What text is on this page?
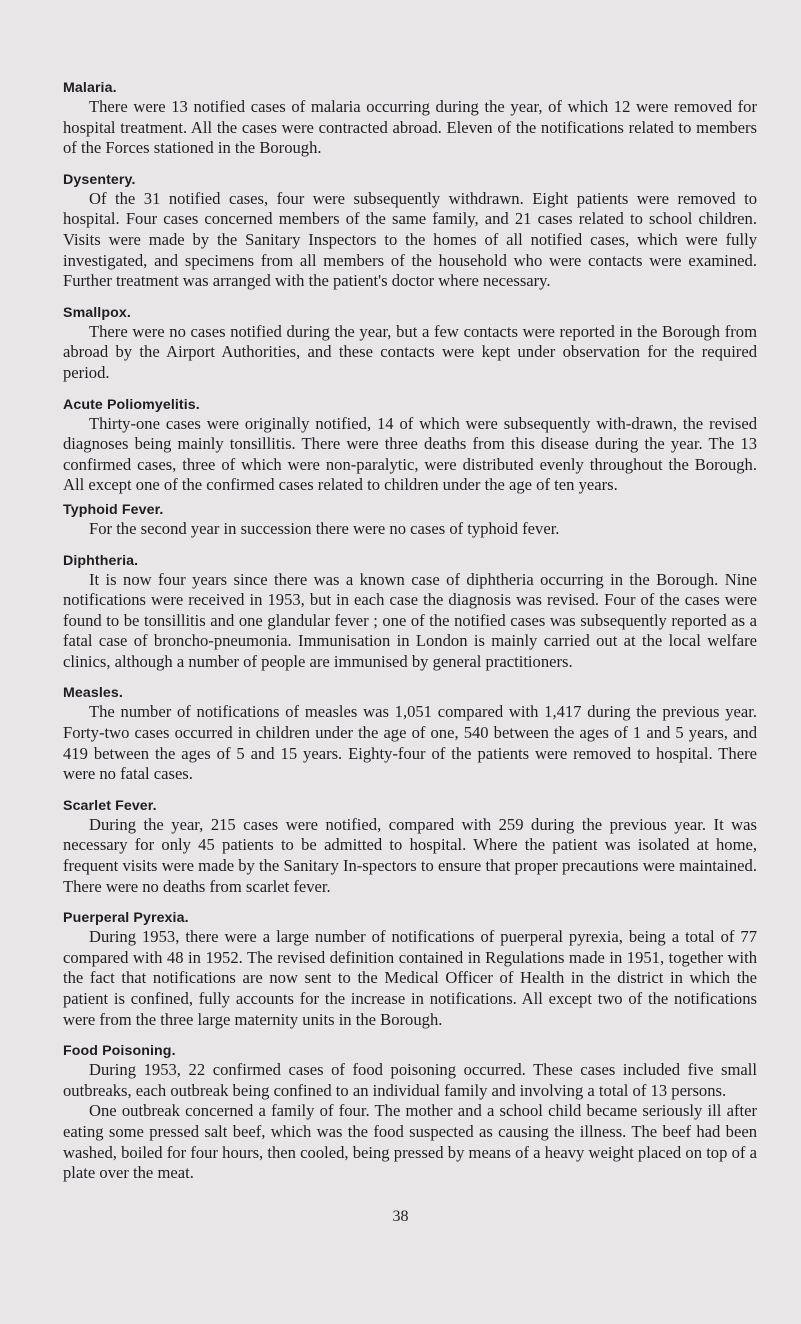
Malaria.

There were 13 notified cases of malaria occurring during the year, of which 12 were removed for hospital treatment. All the cases were contracted abroad. Eleven of the notifications related to members of the Forces stationed in the Borough.

Dysentery.

Of the 31 notified cases, four were subsequently withdrawn. Eight patients were removed to hospital. Four cases concerned members of the same family, and 21 cases related to school children. Visits were made by the Sanitary Inspectors to the homes of all notified cases, which were fully investigated, and specimens from all members of the household who were contacts were examined. Further treatment was arranged with the patient's doctor where necessary.

Smallpox.

There were no cases notified during the year, but a few contacts were reported in the Borough from abroad by the Airport Authorities, and these contacts were kept under observation for the required period.

Acute Poliomyelitis.

Thirty-one cases were originally notified, 14 of which were subsequently with-drawn, the revised diagnoses being mainly tonsillitis. There were three deaths from this disease during the year. The 13 confirmed cases, three of which were non-paralytic, were distributed evenly throughout the Borough. All except one of the confirmed cases related to children under the age of ten years.

Typhoid Fever.

For the second year in succession there were no cases of typhoid fever.

Diphtheria.

It is now four years since there was a known case of diphtheria occurring in the Borough. Nine notifications were received in 1953, but in each case the diagnosis was revised. Four of the cases were found to be tonsillitis and one glandular fever ; one of the notified cases was subsequently reported as a fatal case of broncho-pneumonia. Immunisation in London is mainly carried out at the local welfare clinics, although a number of people are immunised by general practitioners.

Measles.

The number of notifications of measles was 1,051 compared with 1,417 during the previous year. Forty-two cases occurred in children under the age of one, 540 between the ages of 1 and 5 years, and 419 between the ages of 5 and 15 years. Eighty-four of the patients were removed to hospital. There were no fatal cases.

Scarlet Fever.

During the year, 215 cases were notified, compared with 259 during the previous year. It was necessary for only 45 patients to be admitted to hospital. Where the patient was isolated at home, frequent visits were made by the Sanitary In-spectors to ensure that proper precautions were maintained. There were no deaths from scarlet fever.

Puerperal Pyrexia.

During 1953, there were a large number of notifications of puerperal pyrexia, being a total of 77 compared with 48 in 1952. The revised definition contained in Regulations made in 1951, together with the fact that notifications are now sent to the Medical Officer of Health in the district in which the patient is confined, fully accounts for the increase in notifications. All except two of the notifications were from the three large maternity units in the Borough.

Food Poisoning.

During 1953, 22 confirmed cases of food poisoning occurred. These cases included five small outbreaks, each outbreak being confined to an individual family and involving a total of 13 persons.

One outbreak concerned a family of four. The mother and a school child became seriously ill after eating some pressed salt beef, which was the food suspected as causing the illness. The beef had been washed, boiled for four hours, then cooled, being pressed by means of a heavy weight placed on top of a plate over the meat.

38
